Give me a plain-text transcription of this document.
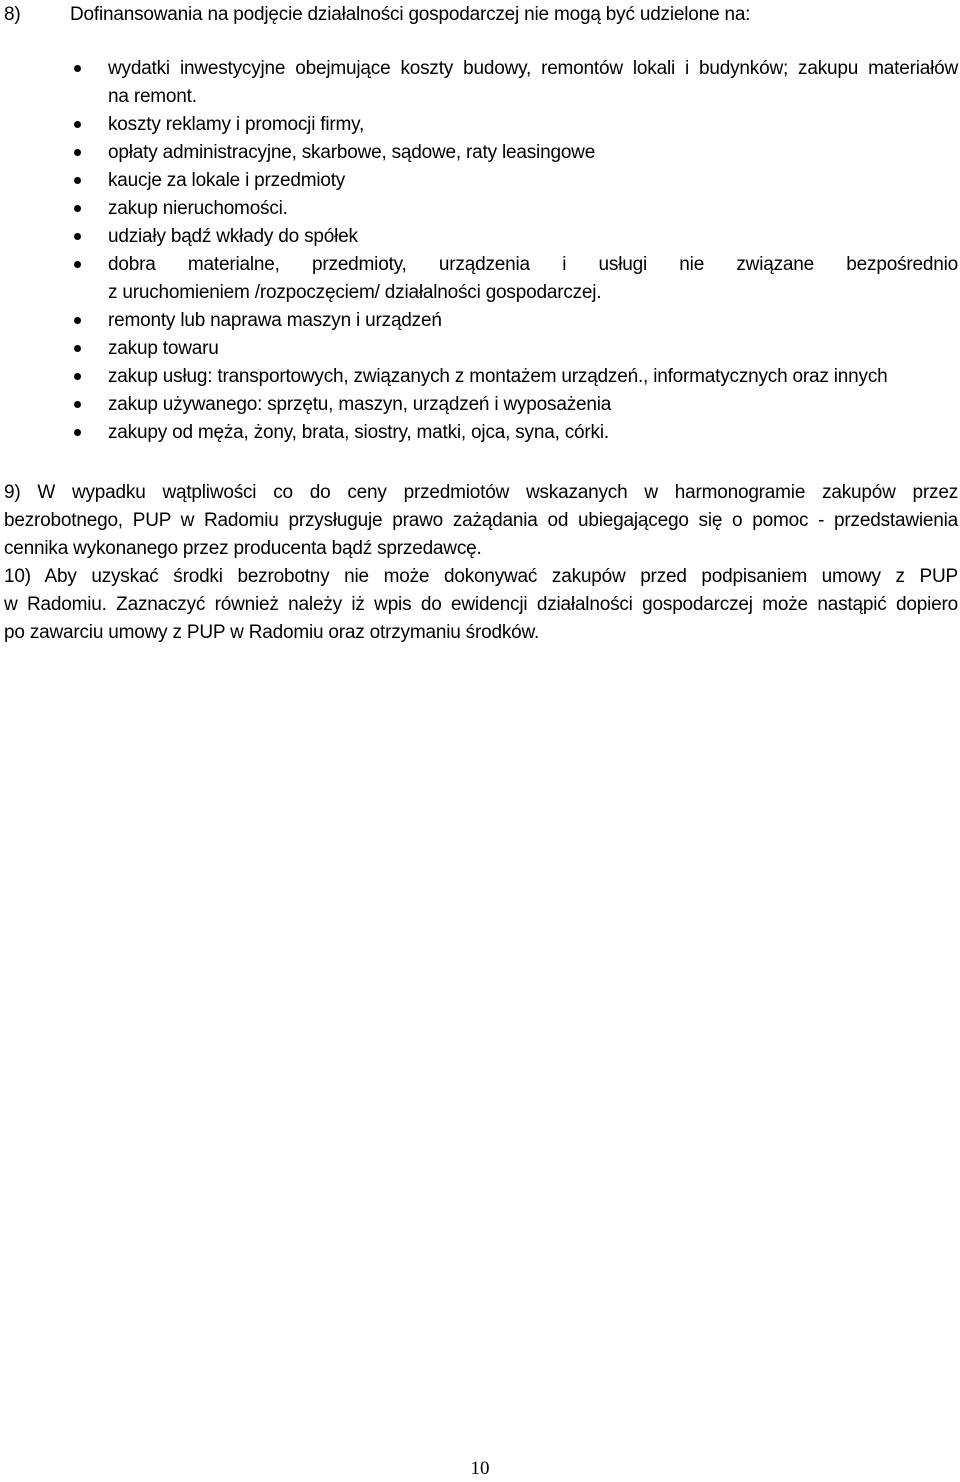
8)	Dofinansowania na podjęcie działalności gospodarczej nie mogą być udzielone na:
wydatki inwestycyjne obejmujące koszty budowy, remontów lokali i budynków; zakupu materiałów
na remont.
koszty reklamy i promocji firmy,
opłaty administracyjne, skarbowe, sądowe, raty leasingowe
kaucje za lokale i przedmioty
zakup nieruchomości.
udziały bądź wkłady do spółek
dobra materialne, przedmioty, urządzenia i usługi nie związane bezpośrednio
z uruchomieniem /rozpoczęciem/ działalności gospodarczej.
remonty lub naprawa maszyn i urządzeń
zakup towaru
zakup usług: transportowych, związanych z montażem urządzeń., informatycznych oraz innych
zakup używanego: sprzętu, maszyn, urządzeń i wyposażenia
zakupy od męża, żony, brata, siostry, matki, ojca, syna, córki.
9) W wypadku wątpliwości co do ceny przedmiotów wskazanych w harmonogramie zakupów przez
bezrobotnego, PUP w Radomiu przysługuje prawo zażądania od ubiegającego się o pomoc - przedstawienia
cennika wykonanego przez producenta bądź sprzedawcę.
10) Aby uzyskać środki bezrobotny nie może dokonywać zakupów przed podpisaniem umowy z PUP
w Radomiu. Zaznaczyć również należy iż wpis do ewidencji działalności gospodarczej może nastąpić dopiero
po zawarciu umowy z PUP w Radomiu oraz otrzymaniu środków.
10
